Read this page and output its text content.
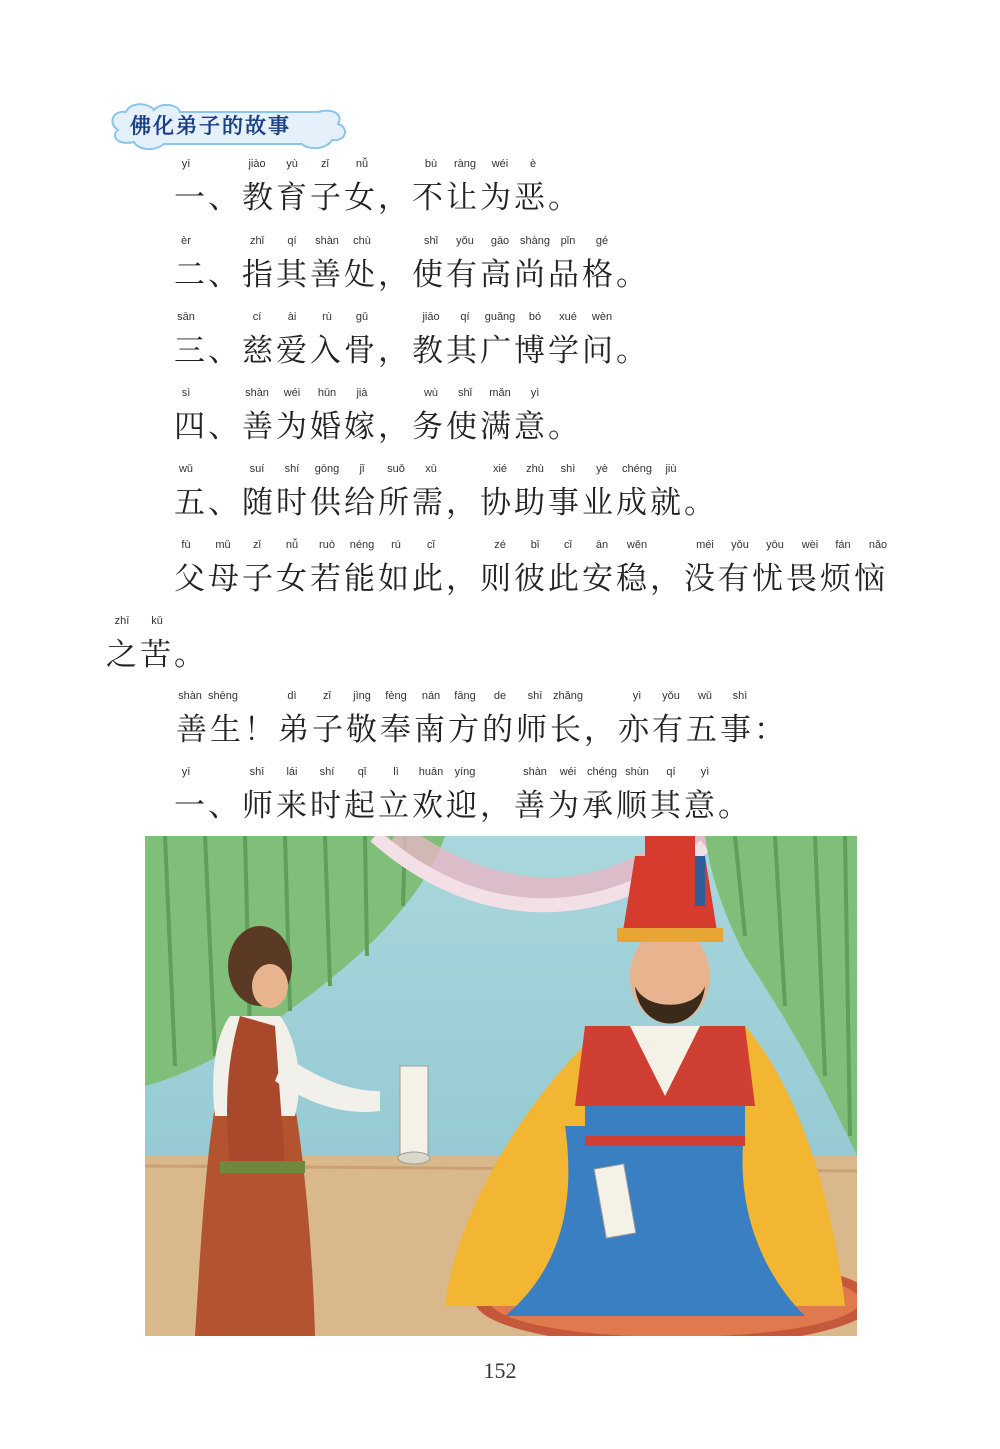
佛化弟子的故事
yī	jiào yù zǐ nǚ	bù ràng wéi è
一、教育子女，不让为恶。
èr	zhǐ qí shàn chù	shǐ yǒu gāo shàng pǐn gé
二、指其善处，使有高尚品格。
sān	cí ài rù gǔ	jiāo qí guǎng bó xué wèn
三、慈爱入骨，教其广博学问。
sì	shàn wéi hūn jià	wù shǐ mǎn yì
四、善为婚嫁，务使满意。
wǔ	suí shí gōng jǐ suǒ xū	xié zhù shì yè chéng jiù
五、随时供给所需，协助事业成就。
fù mǔ zǐ nǚ ruò néng rú cǐ	zé bǐ cǐ ān wěn	méi yǒu yōu wèi fán nǎo
父母子女若能如此，则彼此安稳，没有忧畏烦恼
zhī kǔ
之苦。
shàn shēng	dì zǐ jìng fèng nán fāng de shī zhǎng	yì yǒu wǔ shì
善生！弟子敬奉南方的师长，亦有五事：
yī	shī lái shí qǐ lì huān yíng	shàn wéi chéng shùn qí yì
一、师来时起立欢迎，善为承顺其意。
152
